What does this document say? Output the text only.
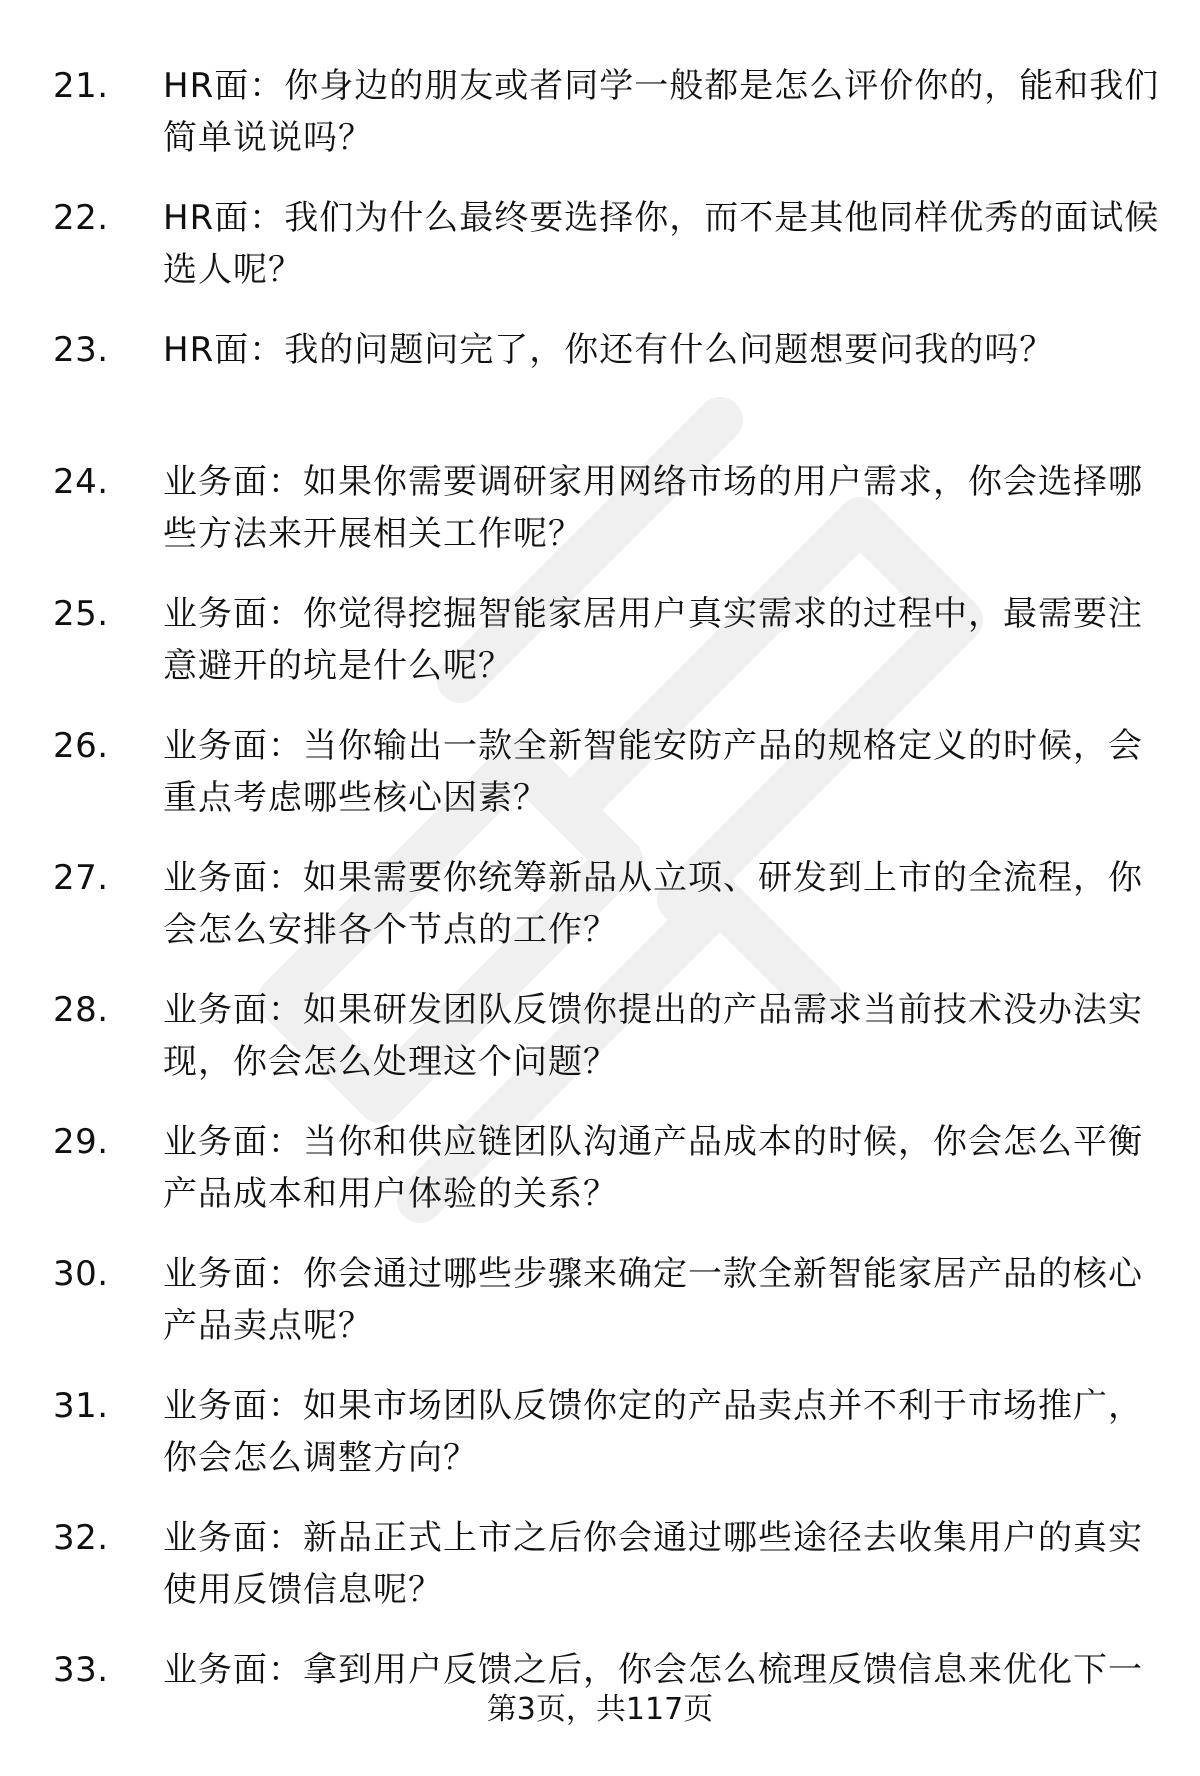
21.	HR面：你身边的朋友或者同学一般都是怎么评价你的，能和我们简单说说吗？
22.	HR面：我们为什么最终要选择你，而不是其他同样优秀的面试候选人呢？
23.	HR面：我的问题问完了，你还有什么问题想要问我的吗？
24.	业务面：如果你需要调研家用网络市场的用户需求，你会选择哪些方法来开展相关工作呢？
25.	业务面：你觉得挖掘智能家居用户真实需求的过程中，最需要注意避开的坑是什么呢？
26.	业务面：当你输出一款全新智能安防产品的规格定义的时候，会重点考虑哪些核心因素？
27.	业务面：如果需要你统筹新品从立项、研发到上市的全流程，你会怎么安排各个节点的工作？
28.	业务面：如果研发团队反馈你提出的产品需求当前技术没办法实现，你会怎么处理这个问题？
29.	业务面：当你和供应链团队沟通产品成本的时候，你会怎么平衡产品成本和用户体验的关系？
30.	业务面：你会通过哪些步骤来确定一款全新智能家居产品的核心产品卖点呢？
31.	业务面：如果市场团队反馈你定的产品卖点并不利于市场推广，你会怎么调整方向？
32.	业务面：新品正式上市之后你会通过哪些途径去收集用户的真实使用反馈信息呢？
33.	业务面：拿到用户反馈之后，你会怎么梳理反馈信息来优化下一
第3页，共117页
